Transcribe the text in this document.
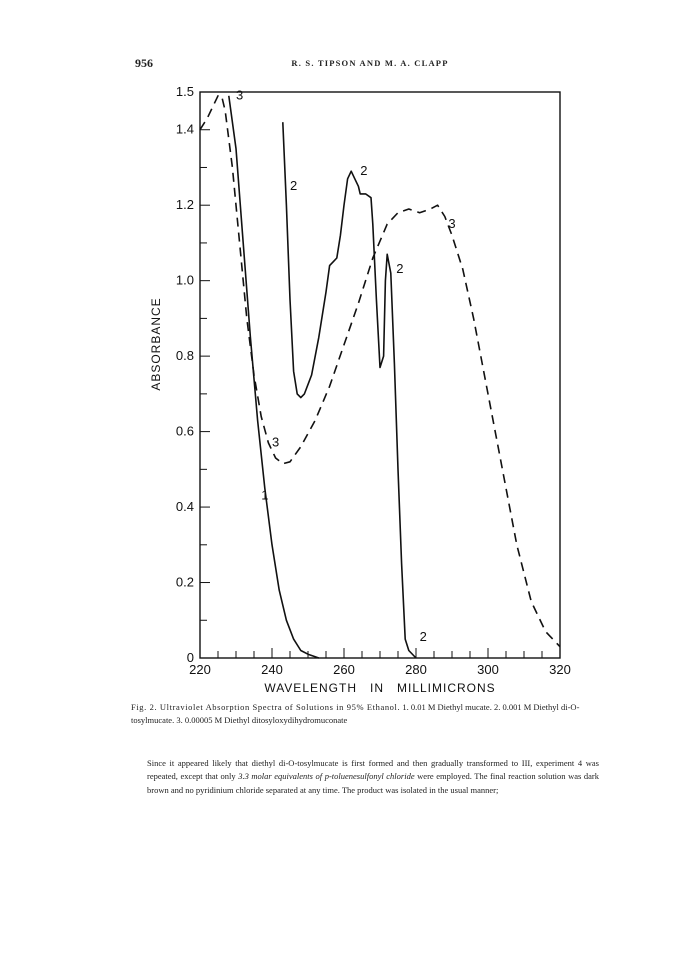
956	R. S. TIPSON AND M. A. CLAPP
220	240	260	280	300	320
0
0.2
0.4
0.6
0.8
1.0
1.2
1.4
1.5	3
2
2
3
2
3
1
2
ABSORBANCE
WAVELENGTH   IN   MILLIMICRONS
Fig. 2. Ultraviolet Absorption Spectra of Solutions in 95% Ethanol. 1. 0.01 M Diethyl mucate. 2. 0.001 M Diethyl di-O-tosylmucate. 3. 0.00005 M Diethyl ditosyloxydihydromuconate

Since it appeared likely that diethyl di-O-tosylmucate is first formed and then gradually transformed to III, experiment 4 was repeated, except that only 3.3 molar equivalents of p-toluenesulfonyl chloride were employed. The final reaction solution was dark brown and no pyridinium chloride separated at any time. The product was isolated in the usual manner;
